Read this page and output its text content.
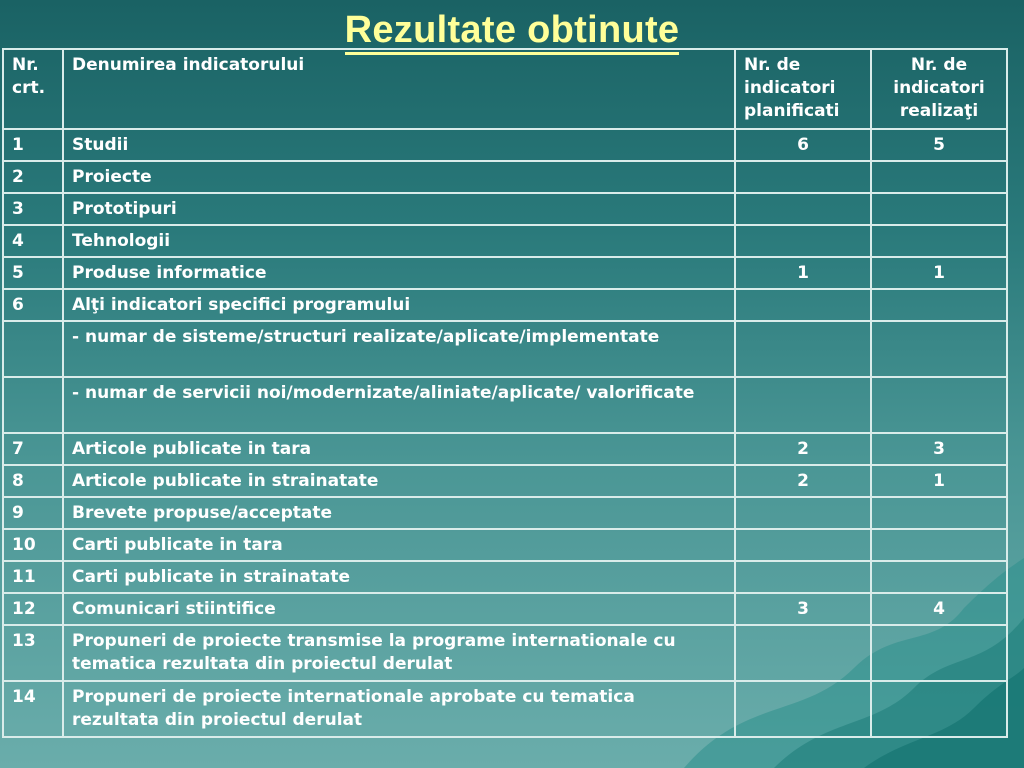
Rezultate obtinute
Nr. crt.	Denumirea indicatorului	Nr. de indicatori planificati	Nr. de indicatori realizaţi
1	Studii	6	5
2	Proiecte		
3	Prototipuri		
4	Tehnologii		
5	Produse informatice	1	1
6	Alţi indicatori specifici programului		
	- numar de sisteme/structuri realizate/aplicate/implementate		
	- numar de servicii noi/modernizate/aliniate/aplicate/ valorificate		
7	Articole publicate in tara	2	3
8	Articole publicate in strainatate	2	1
9	Brevete propuse/acceptate		
10	Carti publicate in tara		
11	Carti publicate in strainatate		
12	Comunicari stiintifice	3	4
13	Propuneri de proiecte transmise la programe internationale cu tematica rezultata din proiectul derulat		
14	Propuneri de proiecte internationale aprobate cu tematica rezultata din proiectul derulat		
